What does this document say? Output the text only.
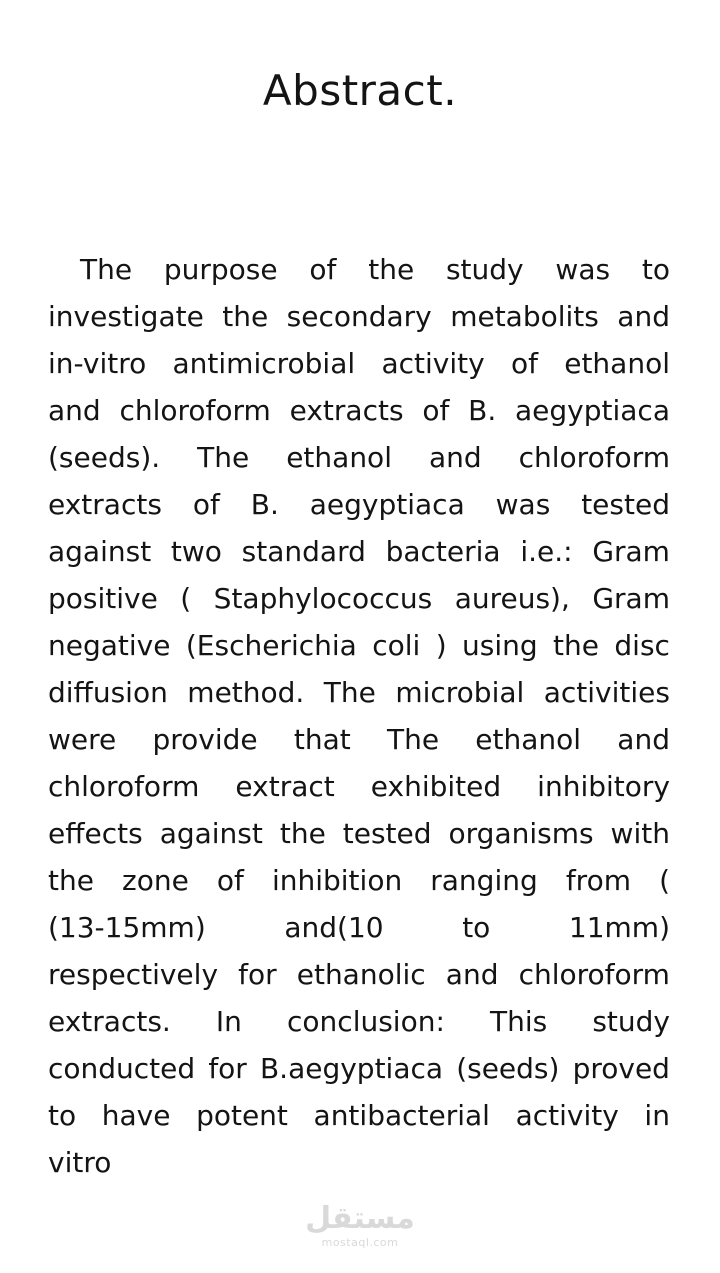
Abstract.
The purpose of the study was to
investigate the secondary metabolits and
in-vitro antimicrobial activity of ethanol
and chloroform extracts of B. aegyptiaca
(seeds). The ethanol and chloroform
extracts of B. aegyptiaca was tested
against two standard bacteria i.e.: Gram
positive ( Staphylococcus aureus), Gram
negative (Escherichia coli ) using the disc
diffusion method. The microbial activities
were provide that The ethanol and
chloroform extract exhibited inhibitory
effects against the tested organisms with
the zone of inhibition ranging from (
(13-15mm)	and(10	to	11mm)
respectively for ethanolic and chloroform
extracts. In conclusion: This study
conducted for B.aegyptiaca (seeds) proved
to have potent antibacterial activity in
vitro
مستقل
mostaql.com
